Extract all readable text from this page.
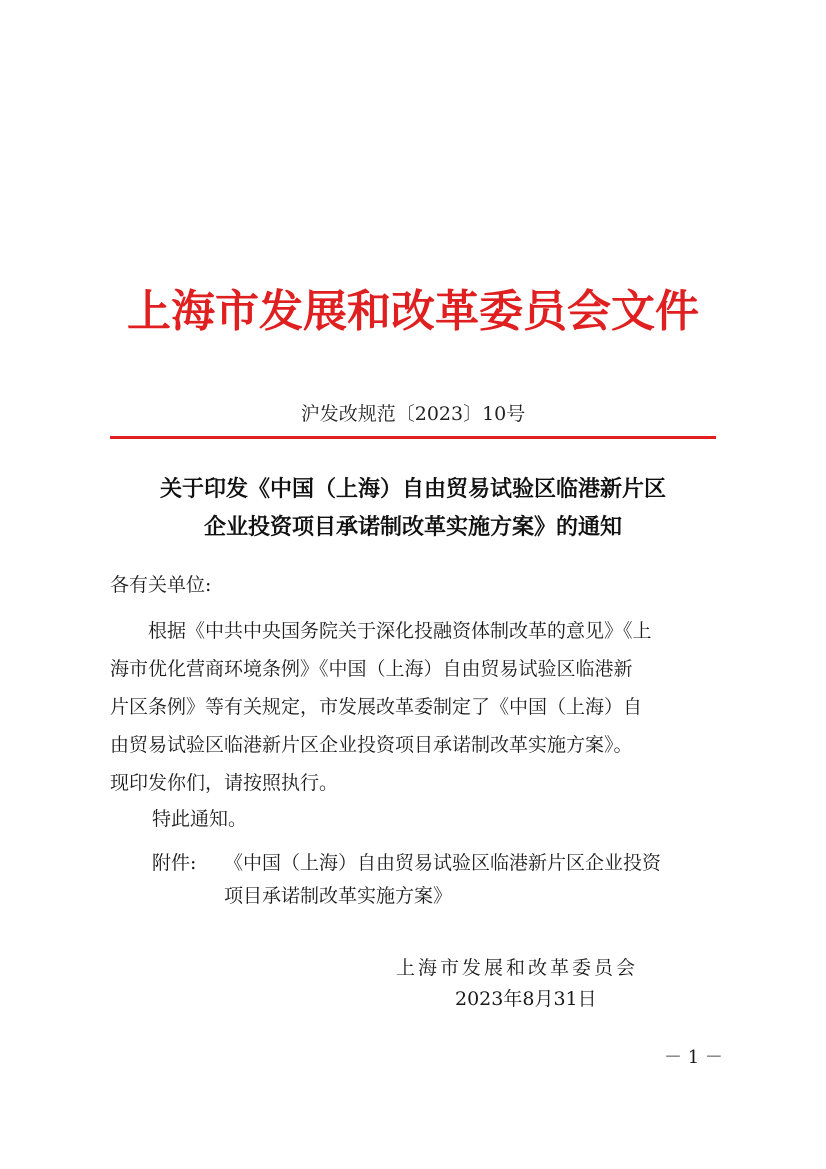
上海市发展和改革委员会文件
沪发改规范〔2023〕10号
关于印发《中国（上海）自由贸易试验区临港新片区
企业投资项目承诺制改革实施方案》的通知
各有关单位:
　　根据《中共中央国务院关于深化投融资体制改革的意见》《上
海市优化营商环境条例》《中国（上海）自由贸易试验区临港新
片区条例》等有关规定，市发展改革委制定了《中国（上海）自
由贸易试验区临港新片区企业投资项目承诺制改革实施方案》。
现印发你们，请按照执行。
特此通知。
附件: 《中国（上海）自由贸易试验区临港新片区企业投资
项目承诺制改革实施方案》
上海市发展和改革委员会
2023年8月31日
－ 1 －
